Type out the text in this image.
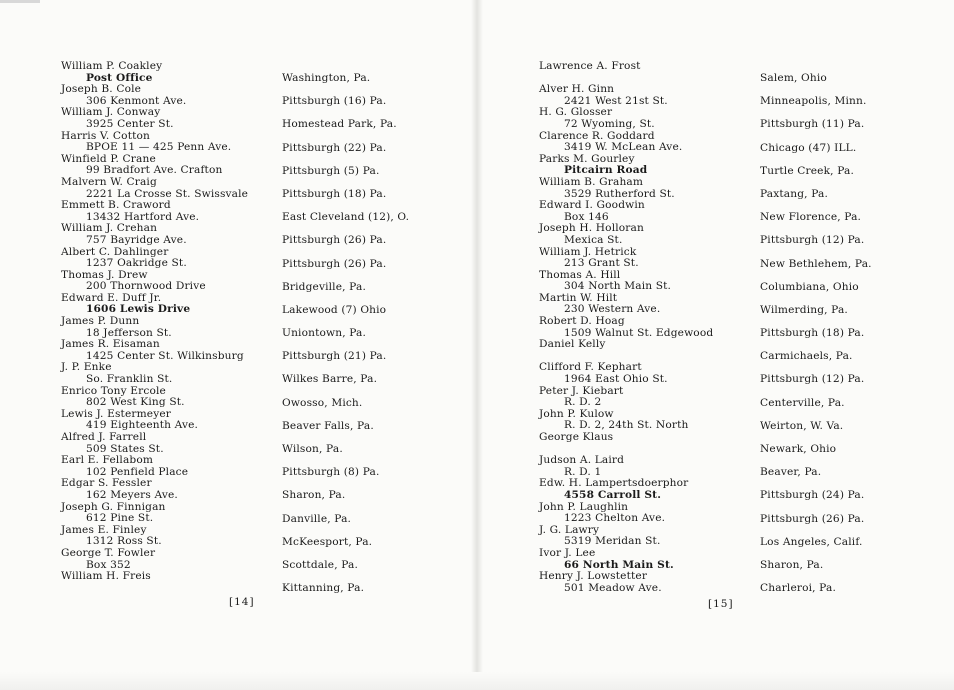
William P. Coakley
Post Office
Joseph B. Cole
306 Kenmont Ave.
William J. Conway
3925 Center St.
Harris V. Cotton
BPOE 11 — 425 Penn Ave.
Winfield P. Crane
99 Bradfort Ave. Crafton
Malvern W. Craig
2221 La Crosse St. Swissvale
Emmett B. Craword
13432 Hartford Ave.
William J. Crehan
757 Bayridge Ave.
Albert C. Dahlinger
1237 Oakridge St.
Thomas J. Drew
200 Thornwood Drive
Edward E. Duff Jr.
1606 Lewis Drive
James P. Dunn
18 Jefferson St.
James R. Eisaman
1425 Center St. Wilkinsburg
J. P. Enke
So. Franklin St.
Enrico Tony Ercole
802 West King St.
Lewis J. Estermeyer
419 Eighteenth Ave.
Alfred J. Farrell
509 States St.
Earl E. Fellabom
102 Penfield Place
Edgar S. Fessler
162 Meyers Ave.
Joseph G. Finnigan
612 Pine St.
James E. Finley
1312 Ross St.
George T. Fowler
Box 352
William H. Freis
Washington, Pa.
Pittsburgh (16) Pa.
Homestead Park, Pa.
Pittsburgh (22) Pa.
Pittsburgh (5) Pa.
Pittsburgh (18) Pa.
East Cleveland (12), O.
Pittsburgh (26) Pa.
Pittsburgh (26) Pa.
Bridgeville, Pa.
Lakewood (7) Ohio
Uniontown, Pa.
Pittsburgh (21) Pa.
Wilkes Barre, Pa.
Owosso, Mich.
Beaver Falls, Pa.
Wilson, Pa.
Pittsburgh (8) Pa.
Sharon, Pa.
Danville, Pa.
McKeesport, Pa.
Scottdale, Pa.
Kittanning, Pa.
[14]
Lawrence A. Frost
Alver H. Ginn
2421 West 21st St.
H. G. Glosser
72 Wyoming, St.
Clarence R. Goddard
3419 W. McLean Ave.
Parks M. Gourley
Pitcairn Road
William B. Graham
3529 Rutherford St.
Edward I. Goodwin
Box 146
Joseph H. Holloran
Mexica St.
William J. Hetrick
213 Grant St.
Thomas A. Hill
304 North Main St.
Martin W. Hilt
230 Western Ave.
Robert D. Hoag
1509 Walnut St. Edgewood
Daniel Kelly
Clifford F. Kephart
1964 East Ohio St.
Peter J. Kiebart
R. D. 2
John P. Kulow
R. D. 2, 24th St. North
George Klaus
Judson A. Laird
R. D. 1
Edw. H. Lampertsdoerphor
4558 Carroll St.
John P. Laughlin
1223 Chelton Ave.
J. G. Lawry
5319 Meridan St.
Ivor J. Lee
66 North Main St.
Henry J. Lowstetter
501 Meadow Ave.
Salem, Ohio
Minneapolis, Minn.
Pittsburgh (11) Pa.
Chicago (47) ILL.
Turtle Creek, Pa.
Paxtang, Pa.
New Florence, Pa.
Pittsburgh (12) Pa.
New Bethlehem, Pa.
Columbiana, Ohio
Wilmerding, Pa.
Pittsburgh (18) Pa.
Carmichaels, Pa.
Pittsburgh (12) Pa.
Centerville, Pa.
Weirton, W. Va.
Newark, Ohio
Beaver, Pa.
Pittsburgh (24) Pa.
Pittsburgh (26) Pa.
Los Angeles, Calif.
Sharon, Pa.
Charleroi, Pa.
[15]
